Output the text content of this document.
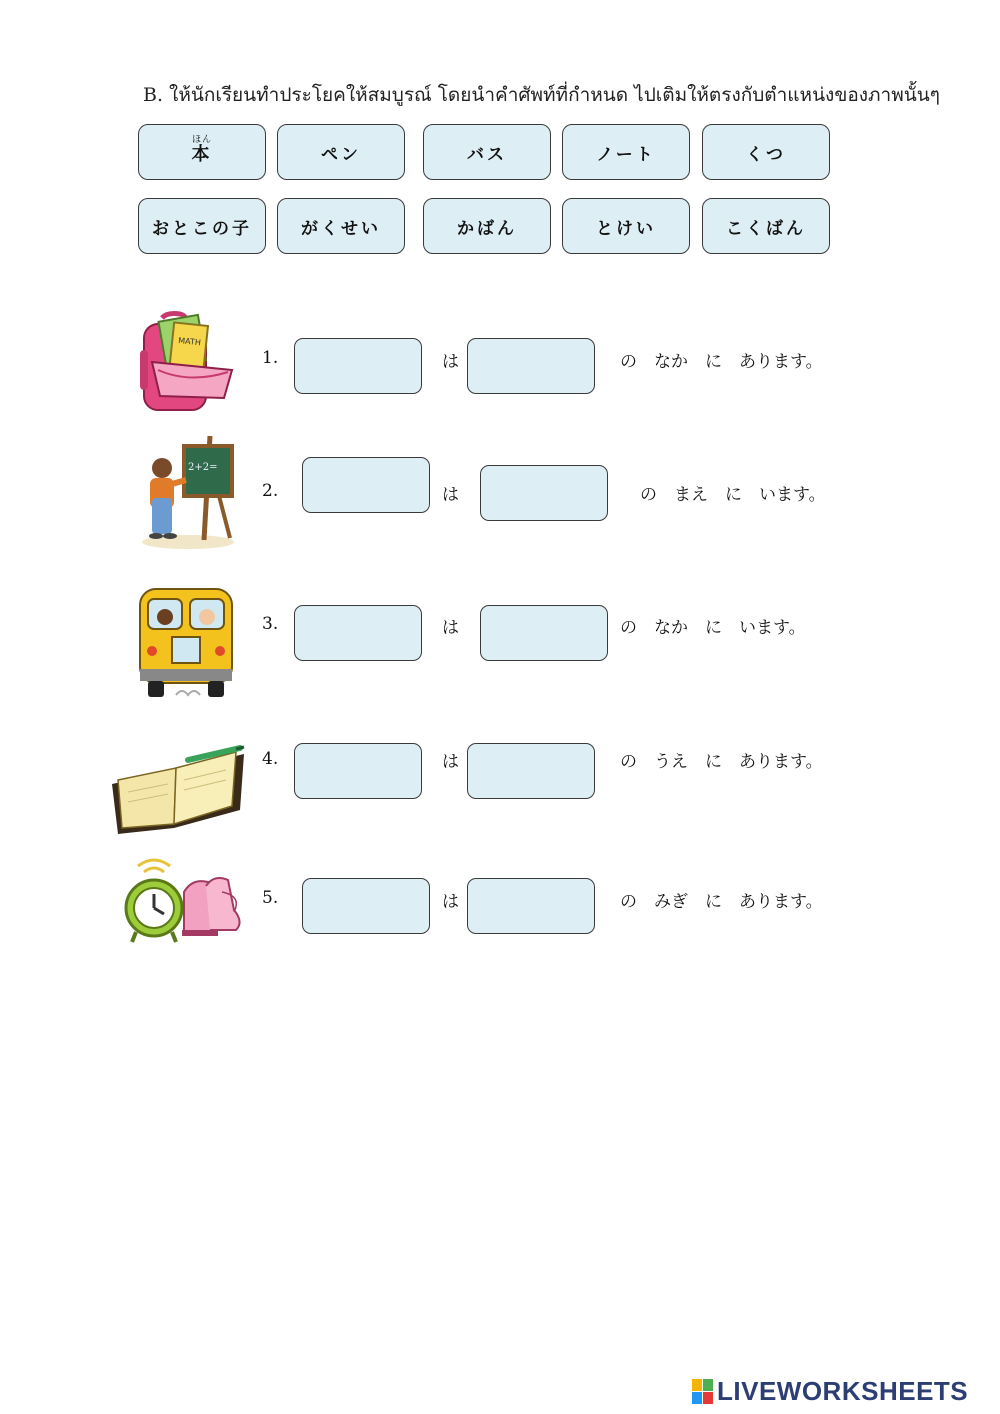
B. ให้นักเรียนทำประโยคให้สมบูรณ์ โดยนำคำศัพท์ที่กำหนด ไปเติมให้ตรงกับตำแหน่งของภาพนั้นๆ
ほん
本	ペン	バス	ノート	くつ
おとこの子	がくせい	かばん	とけい	こくばん
MATH
1.	は	の　なか　に　あります。
2+2=
2.	は	の　まえ　に　います。
3.	は	の　なか　に　います。
4.	は	の　うえ　に　あります。
5.	は	の　みぎ　に　あります。
LIVEWORKSHEETS
